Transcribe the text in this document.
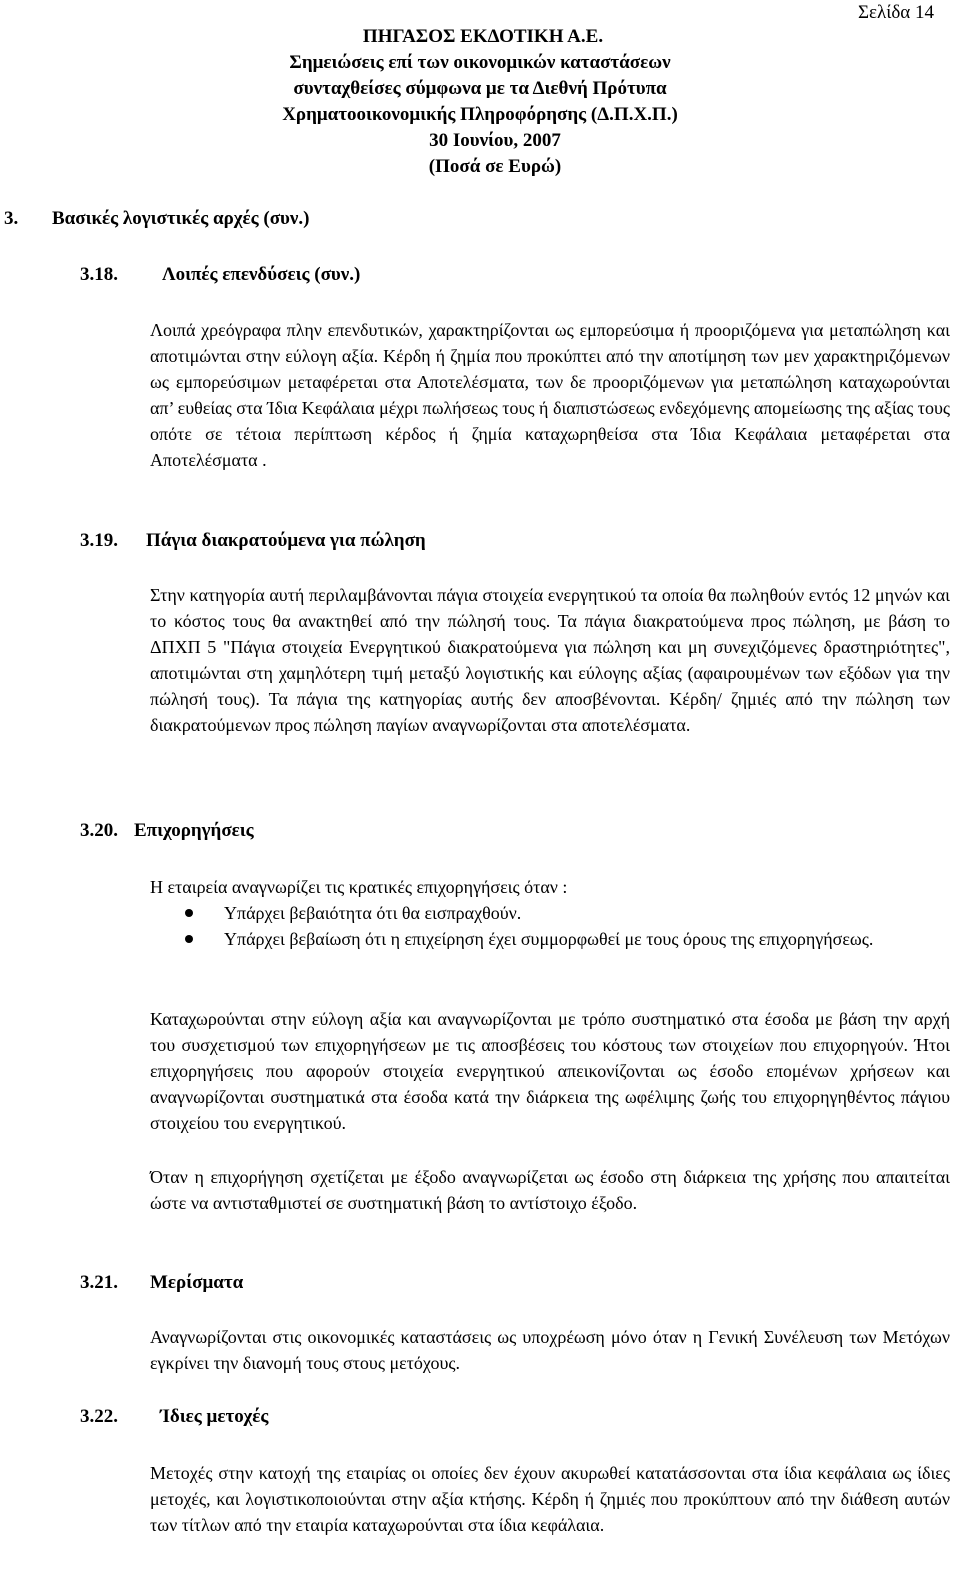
Σελίδα 14
ΠΗΓΑΣΟΣ ΕΚΔΟΤΙΚΗ Α.Ε.
Σημειώσεις επί των οικονομικών καταστάσεων
συνταχθείσες σύμφωνα με τα Διεθνή Πρότυπα
Χρηματοοικονομικής Πληροφόρησης (Δ.Π.Χ.Π.)
30 Ιουνίου, 2007
(Ποσά σε Ευρώ)
3. Βασικές λογιστικές αρχές (συν.)
3.18. Λοιπές επενδύσεις (συν.)
Λοιπά χρεόγραφα πλην επενδυτικών, χαρακτηρίζονται ως εμπορεύσιμα ή προοριζόμενα για μεταπώληση και αποτιμώνται στην εύλογη αξία. Κέρδη ή ζημία που προκύπτει από την αποτίμηση των μεν χαρακτηριζόμενων ως εμπορεύσιμων μεταφέρεται στα Αποτελέσματα, των δε προοριζόμενων για μεταπώληση καταχωρούνται απ’ ευθείας στα Ίδια Κεφάλαια μέχρι πωλήσεως τους ή διαπιστώσεως ενδεχόμενης απομείωσης της αξίας τους οπότε σε τέτοια περίπτωση κέρδος ή ζημία καταχωρηθείσα στα Ίδια Κεφάλαια μεταφέρεται στα Αποτελέσματα .
3.19. Πάγια διακρατούμενα για πώληση
Στην κατηγορία αυτή περιλαμβάνονται πάγια στοιχεία ενεργητικού τα οποία θα πωληθούν εντός 12 μηνών και το κόστος τους θα ανακτηθεί από την πώλησή τους. Τα πάγια διακρατούμενα προς πώληση, με βάση το ΔΠΧΠ 5 "Πάγια στοιχεία Ενεργητικού διακρατούμενα για πώληση και μη συνεχιζόμενες δραστηριότητες", αποτιμώνται στη χαμηλότερη τιμή μεταξύ λογιστικής και εύλογης αξίας (αφαιρουμένων των εξόδων για την πώλησή τους). Τα πάγια της κατηγορίας αυτής δεν αποσβένονται. Κέρδη/ ζημιές από την πώληση των διακρατούμενων προς πώληση παγίων αναγνωρίζονται στα αποτελέσματα.
3.20. Επιχορηγήσεις
Η εταιρεία αναγνωρίζει τις κρατικές επιχορηγήσεις όταν :
Υπάρχει βεβαιότητα ότι θα εισπραχθούν.
Υπάρχει βεβαίωση ότι η επιχείρηση έχει συμμορφωθεί με τους όρους της επιχορηγήσεως.
Καταχωρούνται στην εύλογη αξία και αναγνωρίζονται με τρόπο συστηματικό στα έσοδα με βάση την αρχή του συσχετισμού των επιχορηγήσεων με τις αποσβέσεις του κόστους των στοιχείων που επιχορηγούν. Ήτοι επιχορηγήσεις που αφορούν στοιχεία ενεργητικού απεικονίζονται ως έσοδο επομένων χρήσεων και αναγνωρίζονται συστηματικά στα έσοδα κατά την διάρκεια της ωφέλιμης ζωής του επιχορηγηθέντος πάγιου στοιχείου του ενεργητικού.
Όταν η επιχορήγηση σχετίζεται με έξοδο αναγνωρίζεται ως έσοδο στη διάρκεια της χρήσης που απαιτείται ώστε να αντισταθμιστεί σε συστηματική βάση το αντίστοιχο έξοδο.
3.21. Μερίσματα
Αναγνωρίζονται στις οικονομικές καταστάσεις ως υποχρέωση μόνο όταν η Γενική Συνέλευση των Μετόχων εγκρίνει την διανομή τους στους μετόχους.
3.22. Ίδιες μετοχές
Μετοχές στην κατοχή της εταιρίας οι οποίες δεν έχουν ακυρωθεί κατατάσσονται στα ίδια κεφάλαια ως ίδιες μετοχές, και λογιστικοποιούνται στην αξία κτήσης. Κέρδη ή ζημιές που προκύπτουν από την διάθεση αυτών των τίτλων από την εταιρία καταχωρούνται στα ίδια κεφάλαια.
